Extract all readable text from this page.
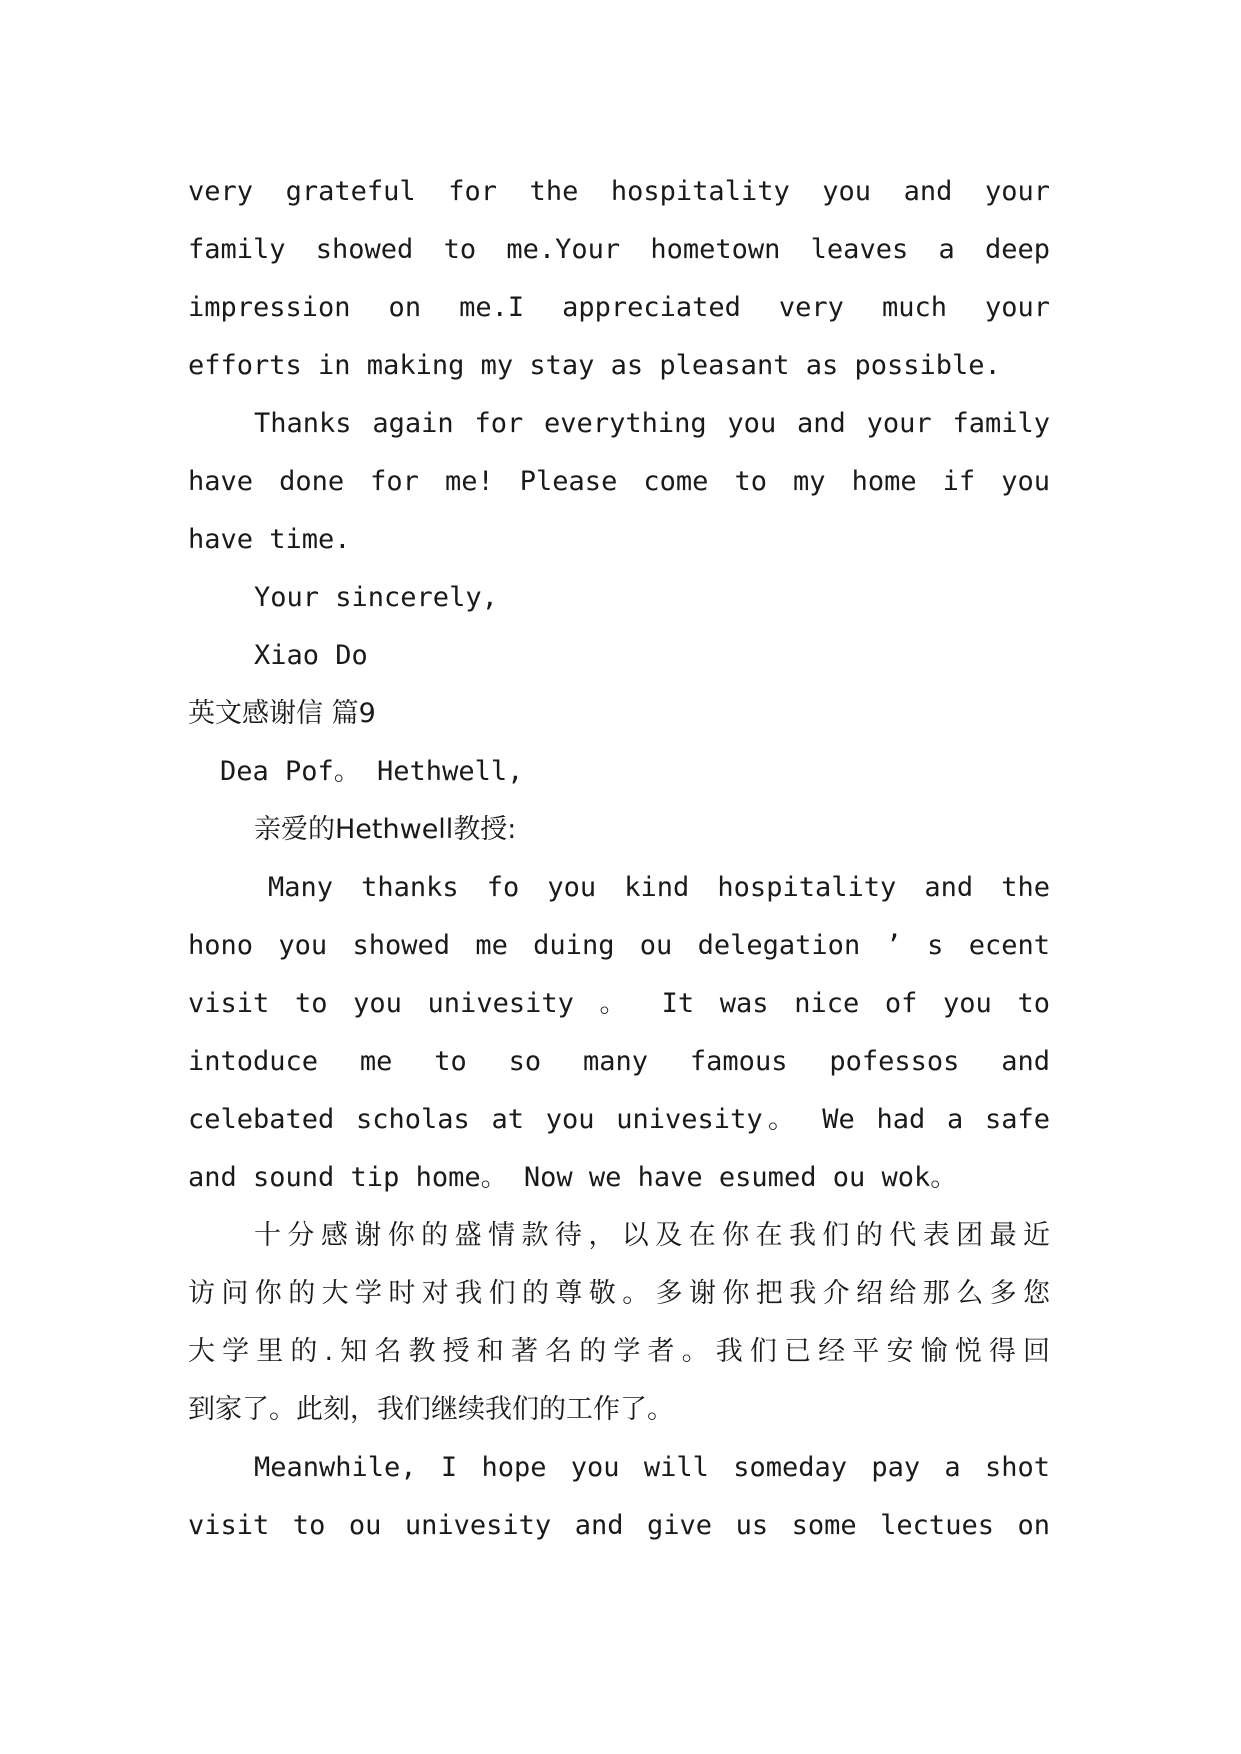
very grateful for the hospitality you and your
family showed to me.Your hometown leaves a deep
impression on me.I appreciated very much your
efforts in making my stay as pleasant as possible.
Thanks again for everything you and your family
have done for me! Please come to my home if you
have time.
Your sincerely,
Xiao Do
英文感谢信 篇9
Dea Pof。 Hethwell,
亲爱的Hethwell教授:
Many thanks fo you kind hospitality and the
hono you showed me duing ou delegation ’ s ecent
visit to you univesity 。 It was nice of you to
intoduce me to so many famous pofessos and
celebated scholas at you univesity。 We had a safe
and sound tip home。 Now we have esumed ou wok。
十分感谢你的盛情款待，以及在你在我们的代表团最近
访问你的大学时对我们的尊敬。多谢你把我介绍给那么多您
大学里的.知名教授和著名的学者。我们已经平安愉悦得回
到家了。此刻，我们继续我们的工作了。
Meanwhile, I hope you will someday pay a shot
visit to ou univesity and give us some lectues on
